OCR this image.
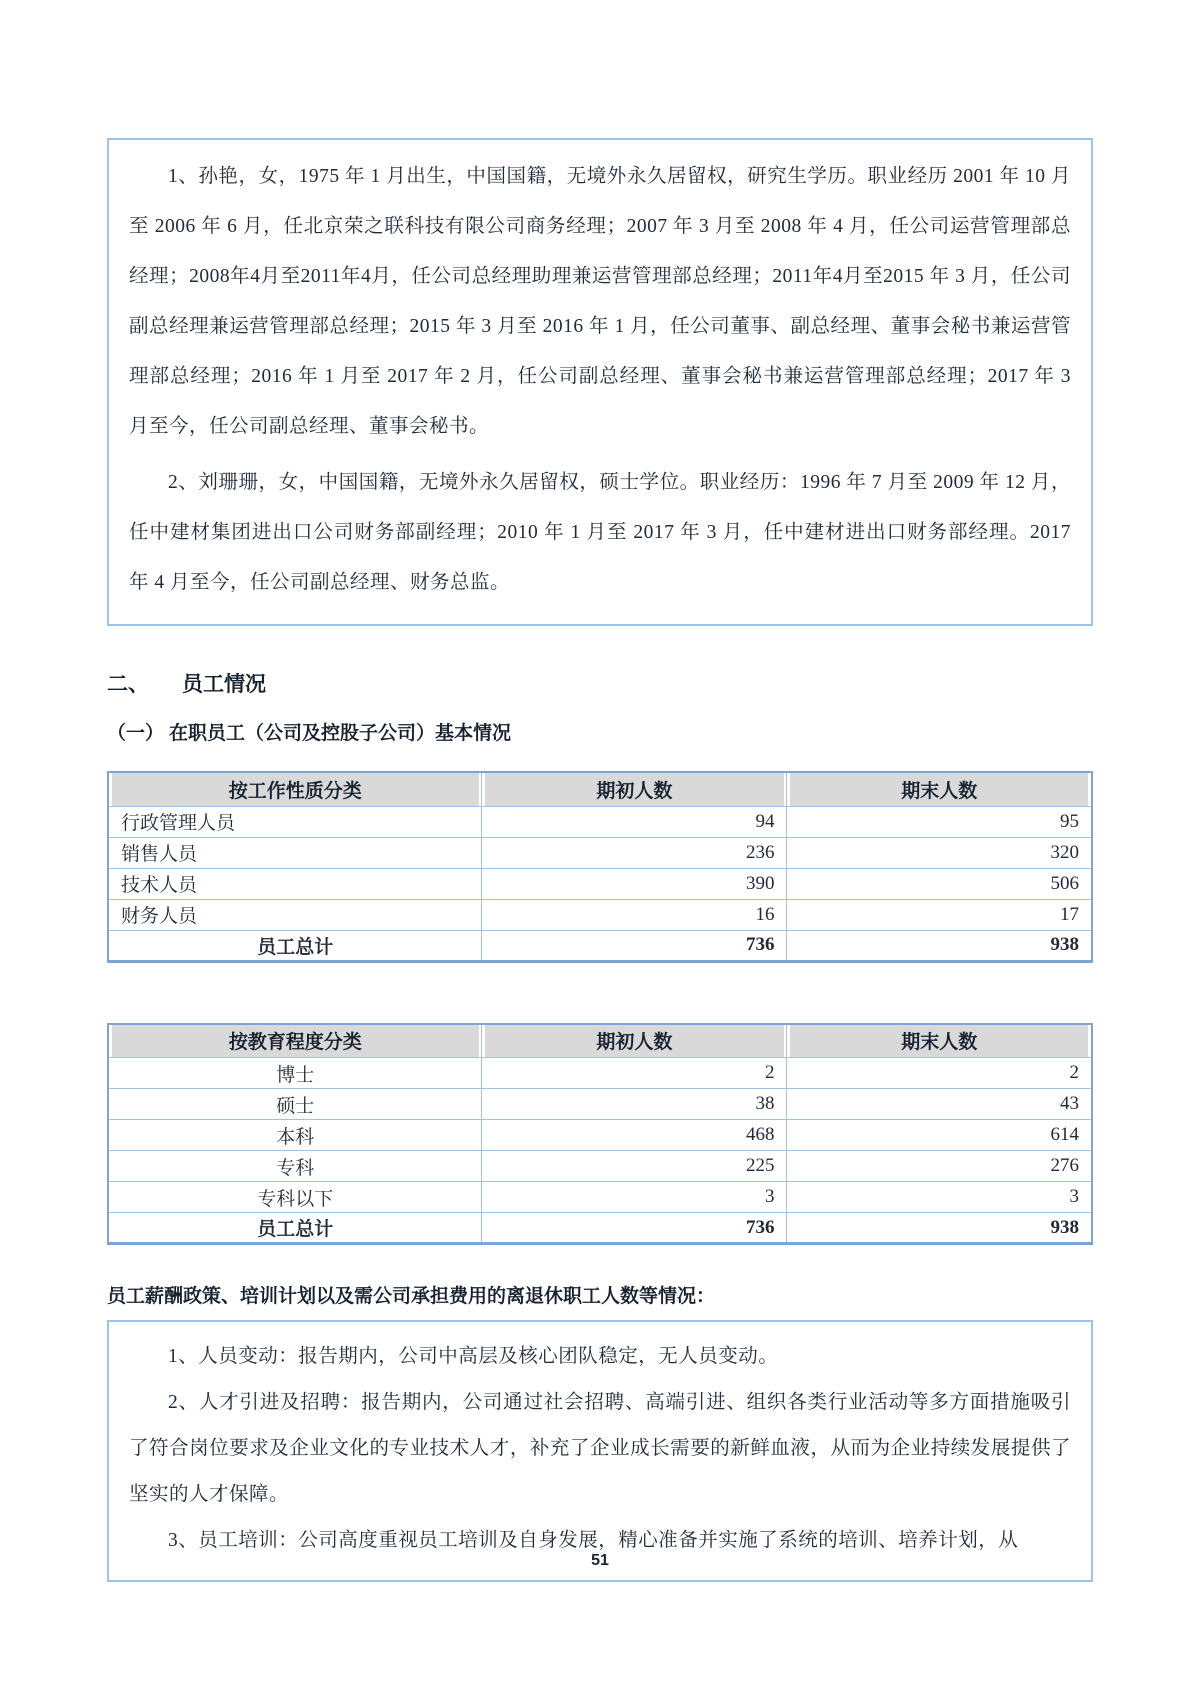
1、孙艳，女，1975 年 1 月出生，中国国籍，无境外永久居留权，研究生学历。职业经历 2001 年 10 月至 2006 年 6 月，任北京荣之联科技有限公司商务经理；2007 年 3 月至 2008 年 4 月，任公司运营管理部总经理；2008年4月至2011年4月，任公司总经理助理兼运营管理部总经理；2011年4月至2015 年 3 月，任公司副总经理兼运营管理部总经理；2015 年 3 月至 2016 年 1 月，任公司董事、副总经理、董事会秘书兼运营管理部总经理；2016 年 1 月至 2017 年 2 月，任公司副总经理、董事会秘书兼运营管理部总经理；2017 年 3 月至今，任公司副总经理、董事会秘书。

2、刘珊珊，女，中国国籍，无境外永久居留权，硕士学位。职业经历：1996 年 7 月至 2009 年 12 月，任中建材集团进出口公司财务部副经理；2010 年 1 月至 2017 年 3 月，任中建材进出口财务部经理。2017 年 4 月至今，任公司副总经理、财务总监。

二、	员工情况
（一） 在职员工（公司及控股子公司）基本情况
按工作性质分类	期初人数	期末人数
行政管理人员	94	95
销售人员	236	320
技术人员	390	506
财务人员	16	17
员工总计	736	938
按教育程度分类	期初人数	期末人数
博士	2	2
硕士	38	43
本科	468	614
专科	225	276
专科以下	3	3
员工总计	736	938
员工薪酬政策、培训计划以及需公司承担费用的离退休职工人数等情况：

1、人员变动：报告期内，公司中高层及核心团队稳定，无人员变动。

2、人才引进及招聘：报告期内，公司通过社会招聘、高端引进、组织各类行业活动等多方面措施吸引了符合岗位要求及企业文化的专业技术人才，补充了企业成长需要的新鲜血液，从而为企业持续发展提供了坚实的人才保障。

3、员工培训：公司高度重视员工培训及自身发展，精心准备并实施了系统的培训、培养计划，从

51
